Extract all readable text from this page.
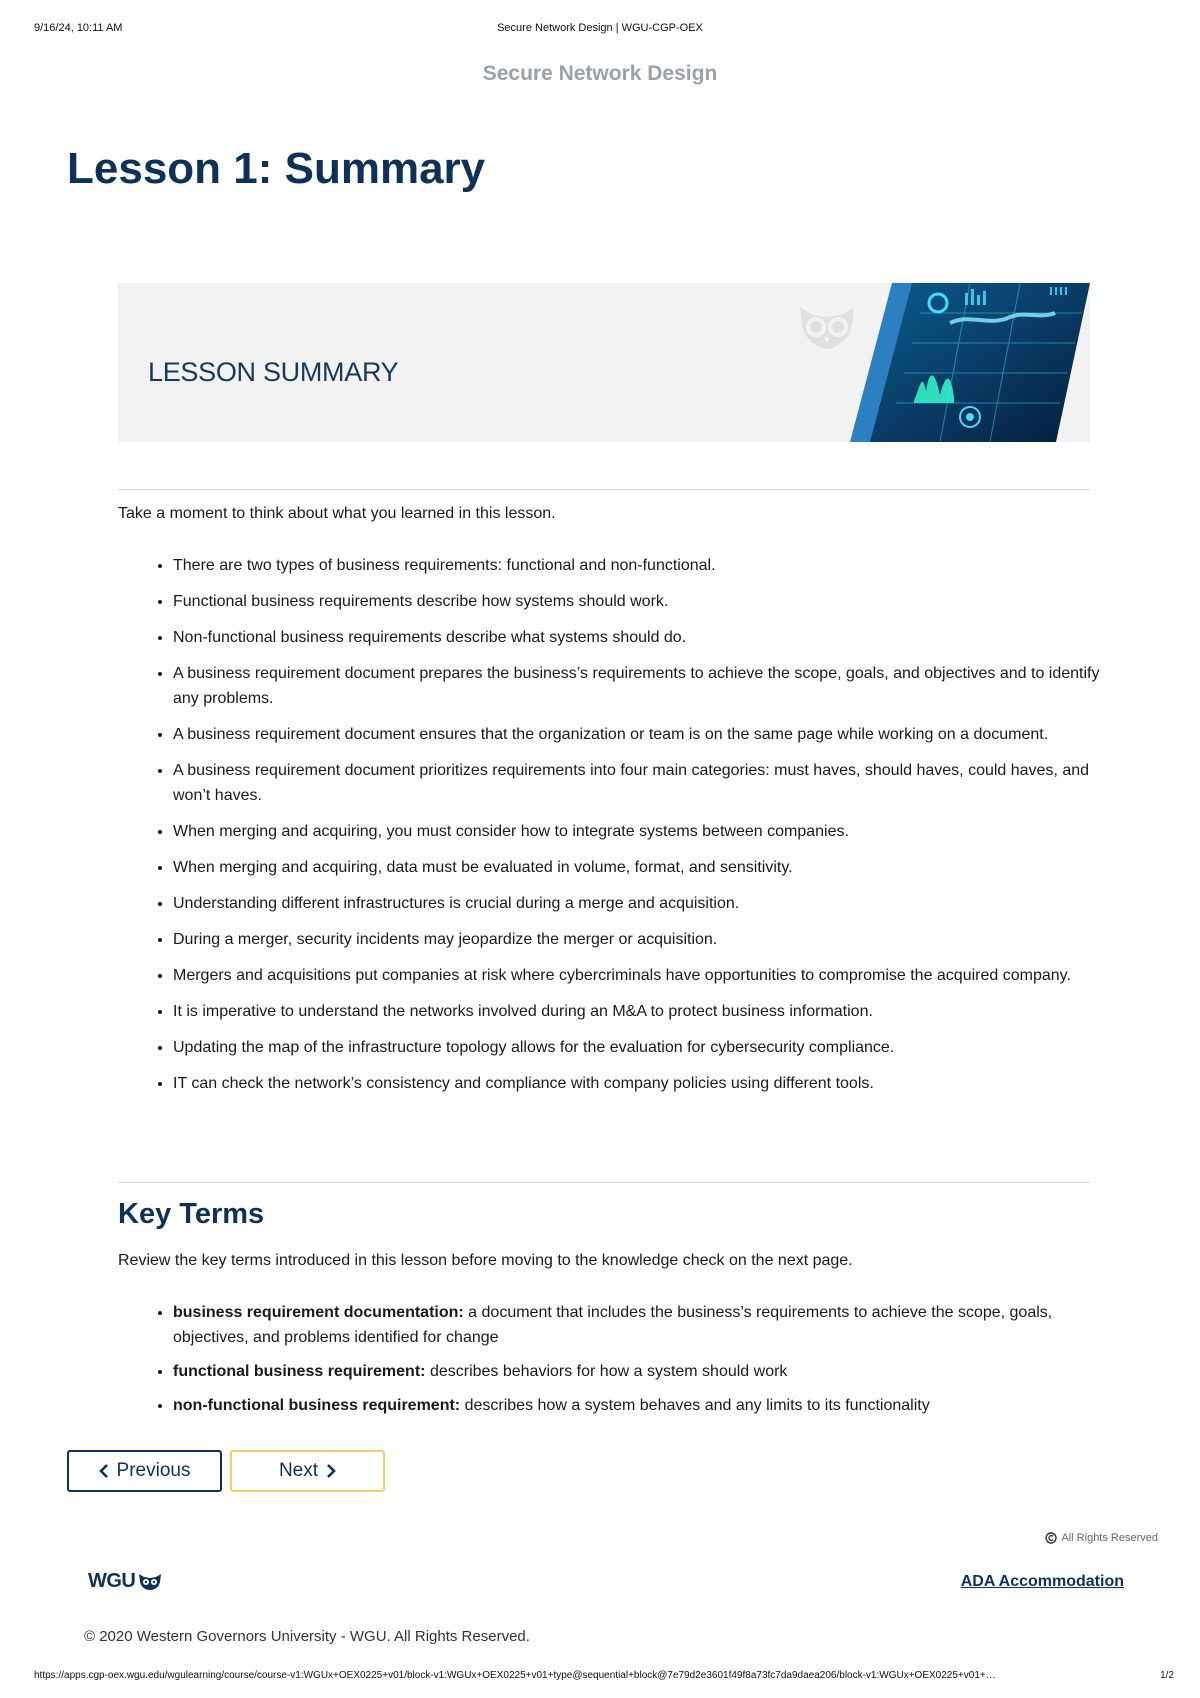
9/16/24, 10:11 AM	Secure Network Design | WGU-CGP-OEX
Secure Network Design
Lesson 1: Summary
LESSON SUMMARY

Take a moment to think about what you learned in this lesson.

• There are two types of business requirements: functional and non-functional.
• Functional business requirements describe how systems should work.
• Non-functional business requirements describe what systems should do.
• A business requirement document prepares the business’s requirements to achieve the scope, goals, and objectives and to identify any problems.
• A business requirement document ensures that the organization or team is on the same page while working on a document.
• A business requirement document prioritizes requirements into four main categories: must haves, should haves, could haves, and won’t haves.
• When merging and acquiring, you must consider how to integrate systems between companies.
• When merging and acquiring, data must be evaluated in volume, format, and sensitivity.
• Understanding different infrastructures is crucial during a merge and acquisition.
• During a merger, security incidents may jeopardize the merger or acquisition.
• Mergers and acquisitions put companies at risk where cybercriminals have opportunities to compromise the acquired company.
• It is imperative to understand the networks involved during an M&A to protect business information.
• Updating the map of the infrastructure topology allows for the evaluation for cybersecurity compliance.
• IT can check the network’s consistency and compliance with company policies using different tools.
Key Terms

Review the key terms introduced in this lesson before moving to the knowledge check on the next page.

• business requirement documentation: a document that includes the business’s requirements to achieve the scope, goals, objectives, and problems identified for change
• functional business requirement: describes behaviors for how a system should work
• non-functional business requirement: describes how a system behaves and any limits to its functionality
Previous	Next
All Rights Reserved
WGU	ADA Accommodation
© 2020 Western Governors University - WGU. All Rights Reserved.
https://apps.cgp-oex.wgu.edu/wgulearning/course/course-v1:WGUx+OEX0225+v01/block-v1:WGUx+OEX0225+v01+type@sequential+block@7e79d2e3601f49f8a73fc7da9daea206/block-v1:WGUx+OEX0225+v01+…	1/2
